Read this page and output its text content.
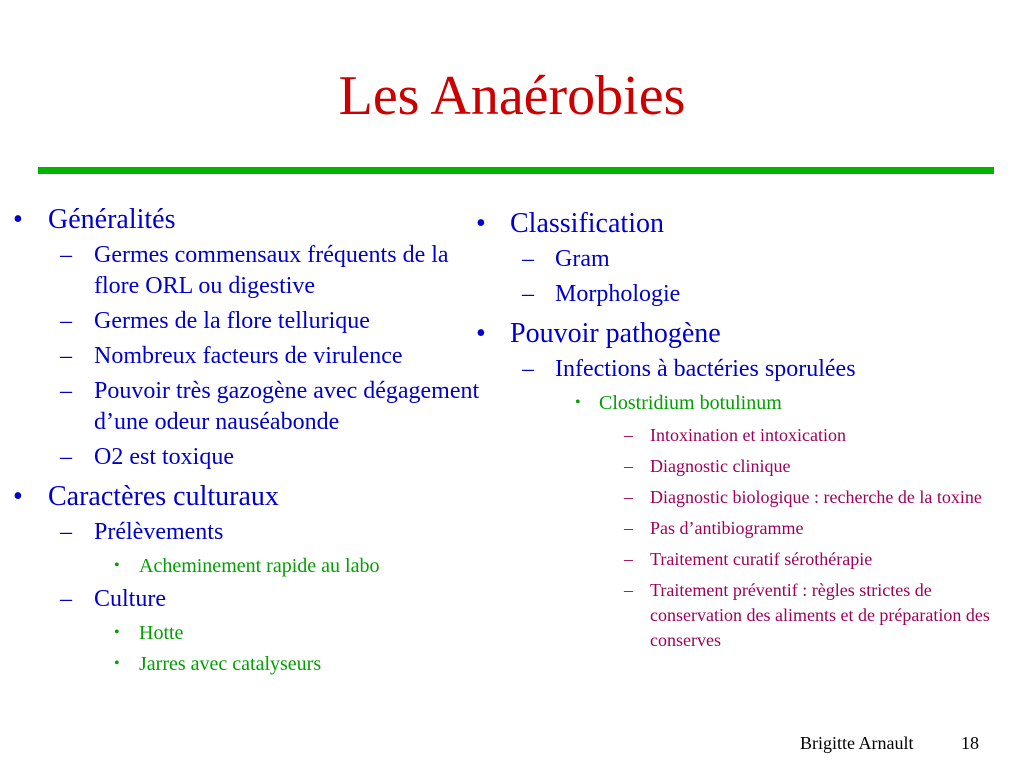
Les Anaérobies
• Généralités
– Germes commensaux fréquents de la flore ORL ou digestive
– Germes de la flore tellurique
– Nombreux facteurs de virulence
– Pouvoir très gazogène avec dégagement d’une odeur nauséabonde
– O2 est toxique
• Caractères culturaux
– Prélèvements
• Acheminement rapide au labo
– Culture
• Hotte
• Jarres avec catalyseurs
• Classification
– Gram
– Morphologie
• Pouvoir pathogène
– Infections à bactéries sporulées
• Clostridium botulinum
– Intoxination et intoxication
– Diagnostic clinique
– Diagnostic biologique : recherche de la toxine
– Pas d’antibiogramme
– Traitement curatif sérothérapie
– Traitement préventif : règles strictes de conservation des aliments et de préparation des conserves
Brigitte Arnault	18
